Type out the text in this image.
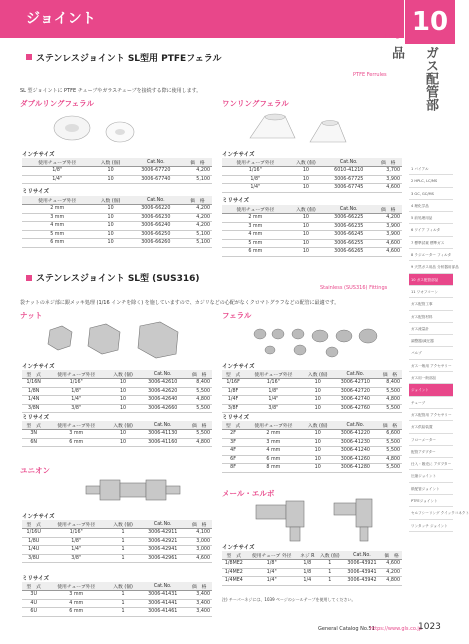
ジョイント
Fittings 10
ガス配管部品
1 バイアル
2 HPLC, LC/MS
3 GC, GC/MS
4 理化学品
5 前処理用品
6 ワイア フィルタ
7 標準試薬 標準ガス
8 ラジエーター フィルタ
9 天然ガス用品 分析器用部品
10 ガス配管部品
11 ワオフコーン
ガス配管工事
ガス配管材料
ガス流量計
調整器/減圧器
バルブ
ガス一般用 アクセサリー
ガス用一般部品
ジョイント
チューブ
ガス配管用 アクセサリー
ガス供給装置
フローメーター
配管アダプター
仕入・販売に アダプター
圧縮ジョイント
紙配管ジョイント
PTFEジョイント
セルフシーリング クイックコネクト
ワンタッチ ジョイント
ステンレスジョイント SL型用 PTFEフェラル
PTFE Ferrules
SL 型ジョイントに PTFE チューブやガラスチューブを接続する際に使用します。
ダブルリングフェラル	ワンリングフェラル
インチサイズ
使用チューブ外径	入数 (個)	Cat.No.	価　格
1/8"	10	3006-67720	4,200
1/4"	10	3006-67740	5,100
ミリサイズ
使用チューブ外径	入数 (個)	Cat.No.	価　格
2 mm	10	3006-66220	4,200
3 mm	10	3006-66230	4,200
4 mm	10	3006-66240	4,200
5 mm	10	3006-66250	5,100
6 mm	10	3006-66260	5,100
インチサイズ
使用チューブ外径	入数 (個)	Cat.No.	価　格
1/16"	10	6010-41210	3,700
1/8"	10	3006-67725	3,900
1/4"	10	3006-67745	4,600
ミリサイズ
使用チューブ外径	入数 (個)	Cat.No.	価　格
2 mm	10	3006-66225	4,200
3 mm	10	3006-66235	3,900
4 mm	10	3006-66245	3,900
5 mm	10	3006-66255	4,600
6 mm	10	3006-66265	4,600
ステンレスジョイント SL型 (SUS316)
Stainless (SUS316) Fittings
袋ナットのネジ部に銀メッキ処理 (1/16 インチを除く) を施していますので、カジリなどの心配がなくクロマトグラフなどの配管に最適です。
ナット	フェラル
インチサイズ
型　式	使用チューブ外径	入数 (個)	Cat.No.	価　格
1/16N	1/16"	10	3006-42610	8,400
1/8N	1/8"	10	3006-42620	5,500
1/4N	1/4"	10	3006-42640	4,800
3/8N	3/8"	10	3006-42660	5,500
ミリサイズ
型　式	使用チューブ外径	入数 (個)	Cat.No.	価　格
3N	3 mm	10	3006-41130	5,500
6N	6 mm	10	3006-41160	4,800
インチサイズ
型　式	使用チューブ外径	入数 (個)	Cat.No.	価　格
1/16F	1/16"	10	3006-42710	8,400
1/8F	1/8"	10	3006-42720	5,500
1/4F	1/4"	10	3006-42740	4,800
3/8F	3/8"	10	3006-42760	5,500
ミリサイズ
型　式	使用チューブ外径	入数 (個)	Cat.No.	価　格
2F	2 mm	10	3006-41220	6,600
3F	3 mm	10	3006-41230	5,500
4F	4 mm	10	3006-41240	5,500
6F	6 mm	10	3006-41260	4,800
8F	8 mm	10	3006-41280	5,500
ユニオン
メール・エルボ
インチサイズ
型　式	使用チューブ外径	入数 (個)	Cat.No.	価　格
1/16U	1/16"	1	3006-42911	4,100
1/8U	1/8"	1	3006-42921	3,000
1/4U	1/4"	1	3006-42941	3,000
3/8U	3/8"	1	3006-42961	4,600
ミリサイズ
型　式	使用チューブ外径	入数 (個)	Cat.No.	価　格
3U	3 mm	1	3006-41431	3,400
4U	4 mm	1	3006-41441	3,400
6U	6 mm	1	3006-41461	3,400
インチサイズ
型　式	使用チューブ 外径	ネジ R	入数 (個)	Cat.No.	価　格
1/8ME2	1/8"	1/8	1	3006-43921	4,600
1/4ME2	1/4"	1/8	1	3006-43941	4,200
1/4ME4	1/4"	1/4	1	3006-43942	4,800
注) チーパーネジには、1039 ページのシールテープを使用してください。
General Catalog No.51
https://www.gls.co.jp
1023
